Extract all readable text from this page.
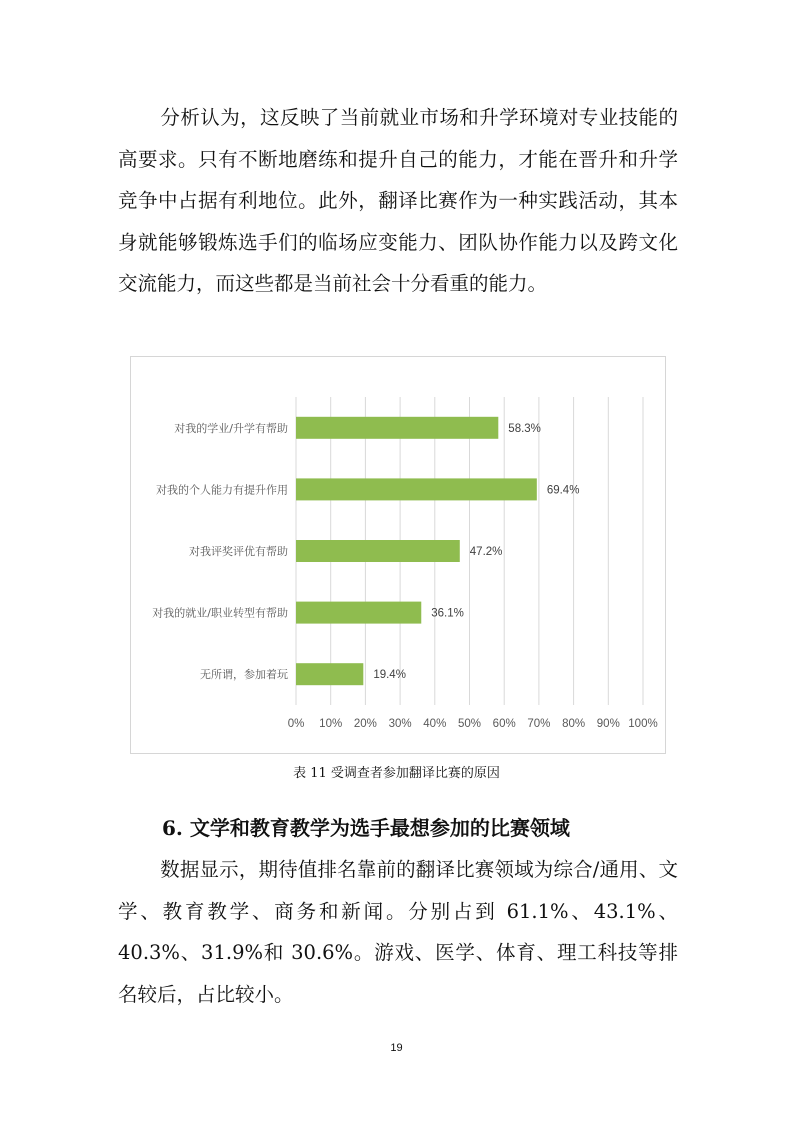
分析认为，这反映了当前就业市场和升学环境对专业技能的高要求。只有不断地磨练和提升自己的能力，才能在晋升和升学竞争中占据有利地位。此外，翻译比赛作为一种实践活动，其本身就能够锻炼选手们的临场应变能力、团队协作能力以及跨文化交流能力，而这些都是当前社会十分看重的能力。

0% 10% 20% 30% 40% 50% 60% 70% 80% 90% 100%
对我的学业/升学有帮助	58.3%
对我的个人能力有提升作用	69.4%
对我评奖评优有帮助	47.2%
对我的就业/职业转型有帮助	36.1%
无所谓，参加着玩	19.4%
表 11 受调查者参加翻译比赛的原因
6. 文学和教育教学为选手最想参加的比赛领域

数据显示，期待值排名靠前的翻译比赛领域为综合/通用、文学、教育教学、商务和新闻。分别占到 61.1%、43.1%、40.3%、31.9%和 30.6%。游戏、医学、体育、理工科技等排名较后，占比较小。

19
